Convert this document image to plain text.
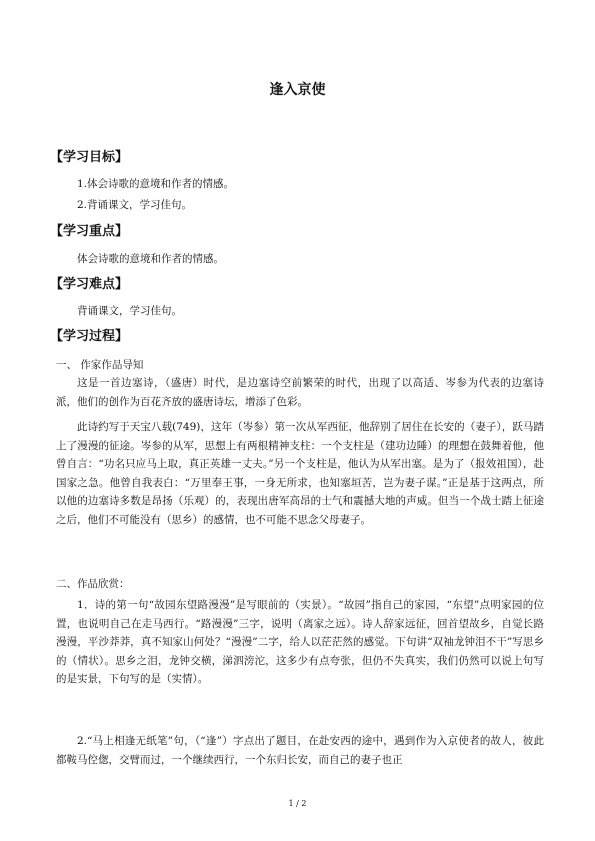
逢入京使
【学习目标】
1.体会诗歌的意境和作者的情感。
2.背诵课文，学习佳句。
【学习重点】
体会诗歌的意境和作者的情感。
【学习难点】
背诵课文，学习佳句。
【学习过程】
一、 作家作品导知
这是一首边塞诗，（盛唐）时代，是边塞诗空前繁荣的时代，出现了以高适、岑参为代表的边塞诗派，他们的创作为百花齐放的盛唐诗坛，增添了色彩。
此诗约写于天宝八载(749)，这年（岑参）第一次从军西征，他辞别了居住在长安的（妻子），跃马踏上了漫漫的征途。岑参的从军，思想上有两根精神支柱：一个支柱是（建功边陲）的理想在鼓舞着他，他曾自言：“功名只应马上取，真正英雄一丈夫。”另一个支柱是，他认为从军出塞。是为了（报效祖国），赴国家之急。他曾自我表白：“万里奉王事，一身无所求，也知塞垣苦，岂为妻子谋。”正是基于这两点，所以他的边塞诗多数是昂扬（乐观）的，表现出唐军高昂的士气和震撼大地的声威。但当一个战士踏上征途之后，他们不可能没有（思乡）的感情，也不可能不思念父母妻子。
二、作品欣赏：
1．诗的第一句“故园东望路漫漫”是写眼前的（实景）。“故园”指自己的家园，“东望”点明家园的位置，也说明自己在走马西行。“路漫漫”三字，说明（离家之远）。诗人辞家远征，回首望故乡，自觉长路漫漫，平沙莽莽，真不知家山何处？“漫漫”二字，给人以茫茫然的感觉。下句讲“双袖龙钟泪不干”写思乡的（情状）。思乡之泪，龙钟交横，涕泗滂沱，这多少有点夸张，但仍不失真实，我们仍然可以说上句写的是实景，下句写的是（实情）。
2.“马上相逢无纸笔”句，（“逢”）字点出了题目，在赴安西的途中，遇到作为入京使者的故人，彼此都鞍马倥偬，交臂而过，一个继续西行，一个东归长安，而自己的妻子也正
1 / 2
